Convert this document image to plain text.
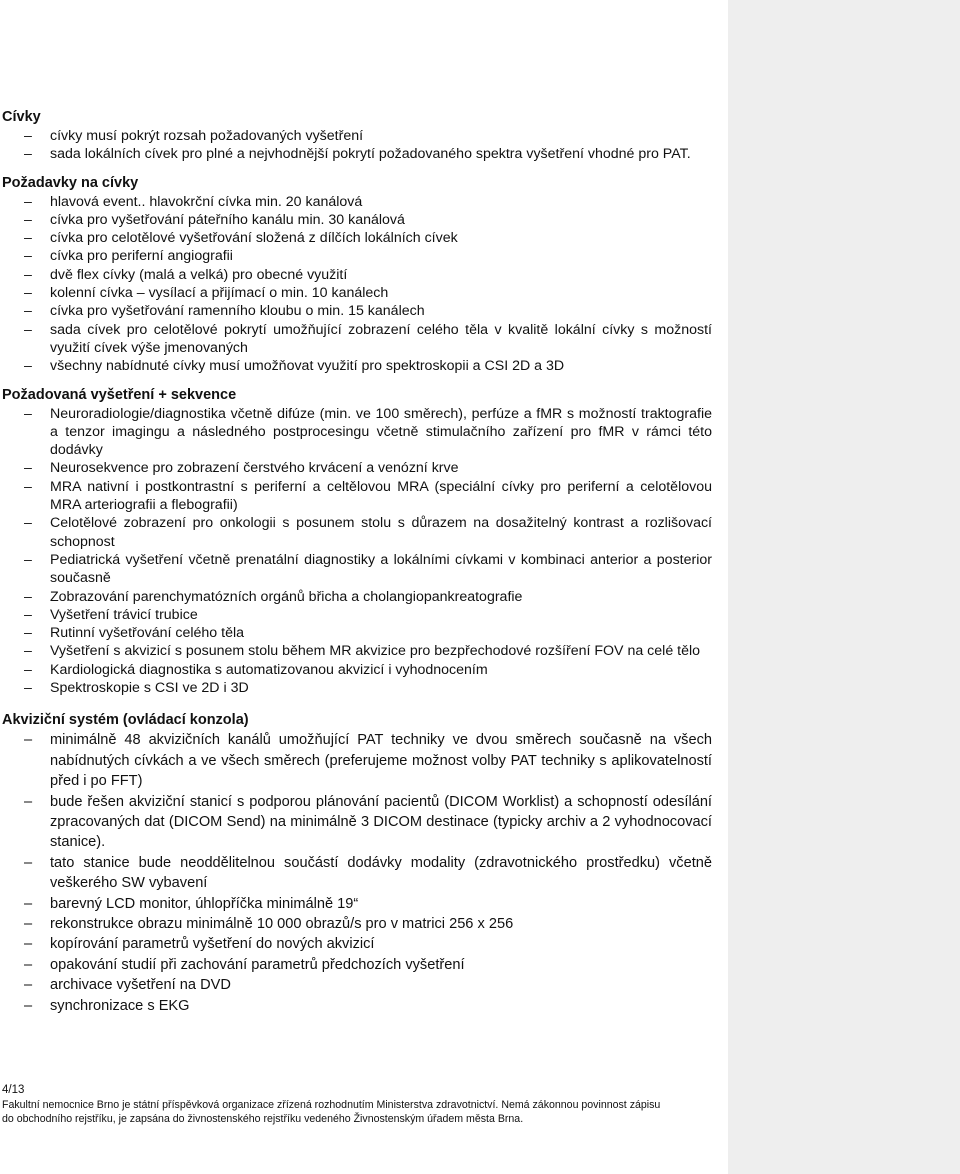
Cívky

– cívky musí pokrýt rozsah požadovaných vyšetření
– sada lokálních cívek pro plné a nejvhodnější pokrytí požadovaného spektra vyšetření vhodné pro PAT.

Požadavky na cívky

– hlavová event.. hlavokrční cívka min. 20 kanálová
– cívka pro vyšetřování páteřního kanálu min. 30 kanálová
– cívka pro celotělové vyšetřování složená z dílčích lokálních cívek
– cívka pro periferní angiografii
– dvě flex cívky (malá a velká) pro obecné využití
– kolenní cívka – vysílací a přijímací o min. 10 kanálech
– cívka pro vyšetřování ramenního kloubu o min. 15 kanálech
– sada cívek pro celotělové pokrytí umožňující zobrazení celého těla v kvalitě lokální cívky s možností využití cívek výše jmenovaných
– všechny nabídnuté cívky musí umožňovat využití pro spektroskopii a CSI 2D a 3D

Požadovaná vyšetření + sekvence

– Neuroradiologie/diagnostika včetně difúze (min. ve 100 směrech), perfúze a fMR s možností traktografie a tenzor imagingu a následného postprocesingu včetně stimulačního zařízení pro fMR v rámci této dodávky
– Neurosekvence pro zobrazení čerstvého krvácení a venózní krve
– MRA nativní i postkontrastní s periferní a celtělovou MRA (speciální cívky pro periferní a celotělovou MRA arteriografii a flebografii)
– Celotělové zobrazení pro onkologii s posunem stolu s důrazem na dosažitelný kontrast a rozlišovací schopnost
– Pediatrická vyšetření včetně prenatální diagnostiky a lokálními cívkami v kombinaci anterior a posterior současně
– Zobrazování parenchymatózních orgánů břicha a cholangiopankreatografie
– Vyšetření trávicí trubice
– Rutinní vyšetřování celého těla
– Vyšetření s akvizicí s posunem stolu během MR akvizice pro bezpřechodové rozšíření FOV na celé tělo
– Kardiologická diagnostika s automatizovanou akvizicí i vyhodnocením
– Spektroskopie s CSI ve 2D i 3D

Akviziční systém (ovládací konzola)

– minimálně 48 akvizičních kanálů umožňující PAT techniky ve dvou směrech současně na všech nabídnutých cívkách a ve všech směrech (preferujeme možnost volby PAT techniky s aplikovatelností před i po FFT)
– bude řešen akviziční stanicí s podporou plánování pacientů (DICOM Worklist) a schopností odesílání zpracovaných dat (DICOM Send) na minimálně 3 DICOM destinace (typicky archiv a 2 vyhodnocovací stanice).
– tato stanice bude neoddělitelnou součástí dodávky modality (zdravotnického prostředku) včetně veškerého SW vybavení
– barevný LCD monitor, úhlopříčka minimálně 19“
– rekonstrukce obrazu minimálně 10 000 obrazů/s pro v matrici 256 x 256
– kopírování parametrů vyšetření do nových akvizicí
– opakování studií při zachování parametrů předchozích vyšetření
– archivace vyšetření na DVD
– synchronizace s EKG
4/13
Fakultní nemocnice Brno je státní příspěvková organizace zřízená rozhodnutím Ministerstva zdravotnictví. Nemá zákonnou povinnost zápisu
do obchodního rejstříku, je zapsána do živnostenského rejstříku vedeného Živnostenským úřadem města Brna.
